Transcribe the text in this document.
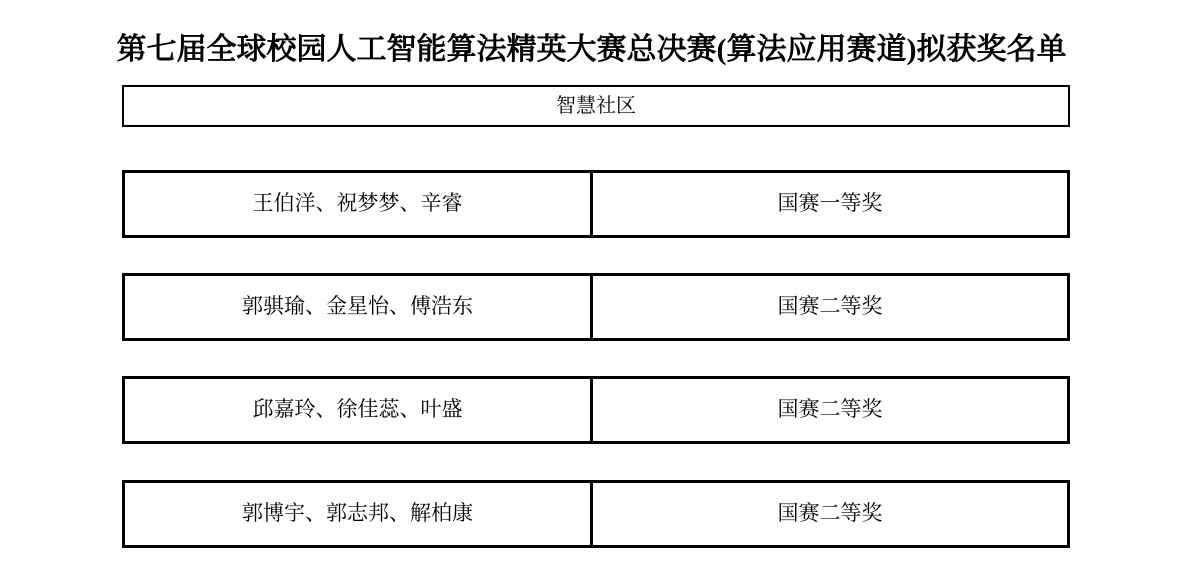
第七届全球校园人工智能算法精英大赛总决赛(算法应用赛道)拟获奖名单
智慧社区
王伯洋、祝梦梦、辛睿	国赛一等奖
郭骐瑜、金星怡、傅浩东	国赛二等奖
邱嘉玲、徐佳蕊、叶盛	国赛二等奖
郭博宇、郭志邦、解柏康	国赛二等奖
